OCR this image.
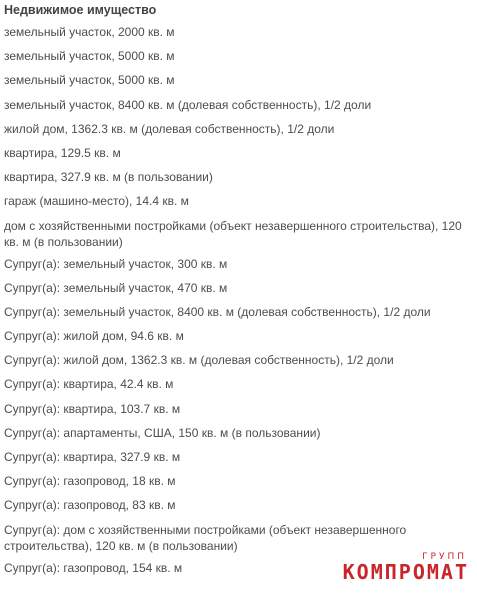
Недвижимое имущество
земельный участок, 2000 кв. м
земельный участок, 5000 кв. м
земельный участок, 5000 кв. м
земельный участок, 8400 кв. м (долевая собственность), 1/2 доли
жилой дом, 1362.3 кв. м (долевая собственность), 1/2 доли
квартира, 129.5 кв. м
квартира, 327.9 кв. м (в пользовании)
гараж (машино-место), 14.4 кв. м
дом с хозяйственными постройками (объект незавершенного строительства), 120 кв. м (в пользовании)
Супруг(а): земельный участок, 300 кв. м
Супруг(а): земельный участок, 470 кв. м
Супруг(а): земельный участок, 8400 кв. м (долевая собственность), 1/2 доли
Супруг(а): жилой дом, 94.6 кв. м
Супруг(а): жилой дом, 1362.3 кв. м (долевая собственность), 1/2 доли
Супруг(а): квартира, 42.4 кв. м
Супруг(а): квартира, 103.7 кв. м
Супруг(а): апартаменты, США, 150 кв. м (в пользовании)
Супруг(а): квартира, 327.9 кв. м
Супруг(а): газопровод, 18 кв. м
Супруг(а): газопровод, 83 кв. м
Супруг(а): дом с хозяйственными постройками (объект незавершенного строительства), 120 кв. м (в пользовании)
Супруг(а): газопровод, 154 кв. м
ГРУПП
КОМПРОМАТ
